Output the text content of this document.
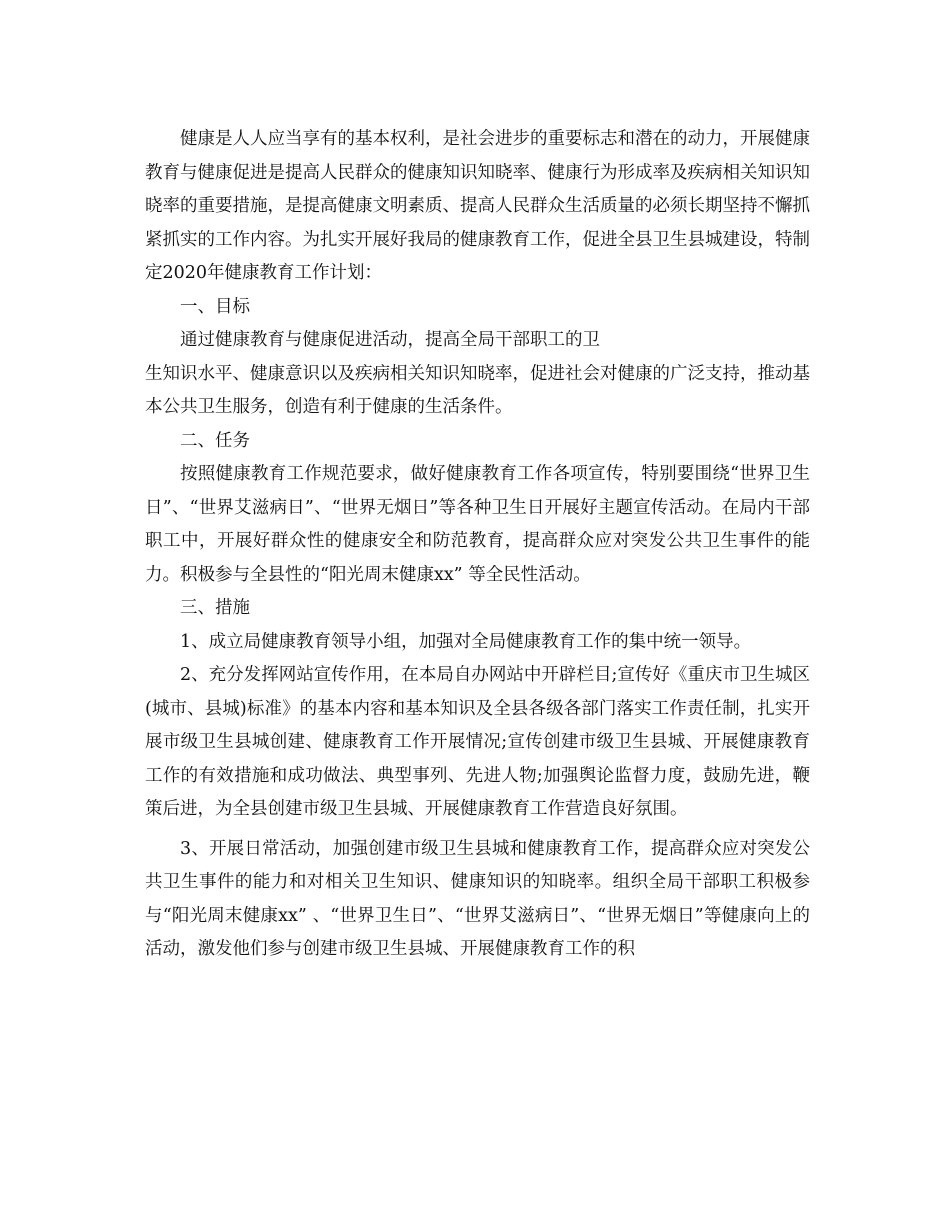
健康是人人应当享有的基本权利，是社会进步的重要标志和潜在的动力，开展健康教育与健康促进是提高人民群众的健康知识知晓率、健康行为形成率及疾病相关知识知晓率的重要措施，是提高健康文明素质、提高人民群众生活质量的必须长期坚持不懈抓紧抓实的工作内容。为扎实开展好我局的健康教育工作，促进全县卫生县城建设，特制定2020年健康教育工作计划：

一、目标

通过健康教育与健康促进活动，提高全局干部职工的卫

生知识水平、健康意识以及疾病相关知识知晓率，促进社会对健康的广泛支持，推动基本公共卫生服务，创造有利于健康的生活条件。

二、任务

按照健康教育工作规范要求，做好健康教育工作各项宣传，特别要围绕“世界卫生日”、“世界艾滋病日”、“世界无烟日”等各种卫生日开展好主题宣传活动。在局内干部职工中，开展好群众性的健康安全和防范教育，提高群众应对突发公共卫生事件的能力。积极参与全县性的“阳光周末健康xx” 等全民性活动。

三、措施

1、成立局健康教育领导小组，加强对全局健康教育工作的集中统一领导。

2、充分发挥网站宣传作用，在本局自办网站中开辟栏目;宣传好《重庆市卫生城区(城市、县城)标准》的基本内容和基本知识及全县各级各部门落实工作责任制，扎实开展市级卫生县城创建、健康教育工作开展情况;宣传创建市级卫生县城、开展健康教育工作的有效措施和成功做法、典型事列、先进人物;加强舆论监督力度，鼓励先进，鞭策后进，为全县创建市级卫生县城、开展健康教育工作营造良好氛围。

3、开展日常活动，加强创建市级卫生县城和健康教育工作，提高群众应对突发公共卫生事件的能力和对相关卫生知识、健康知识的知晓率。组织全局干部职工积极参与“阳光周末健康xx” 、“世界卫生日”、“世界艾滋病日”、“世界无烟日”等健康向上的活动，激发他们参与创建市级卫生县城、开展健康教育工作的积
